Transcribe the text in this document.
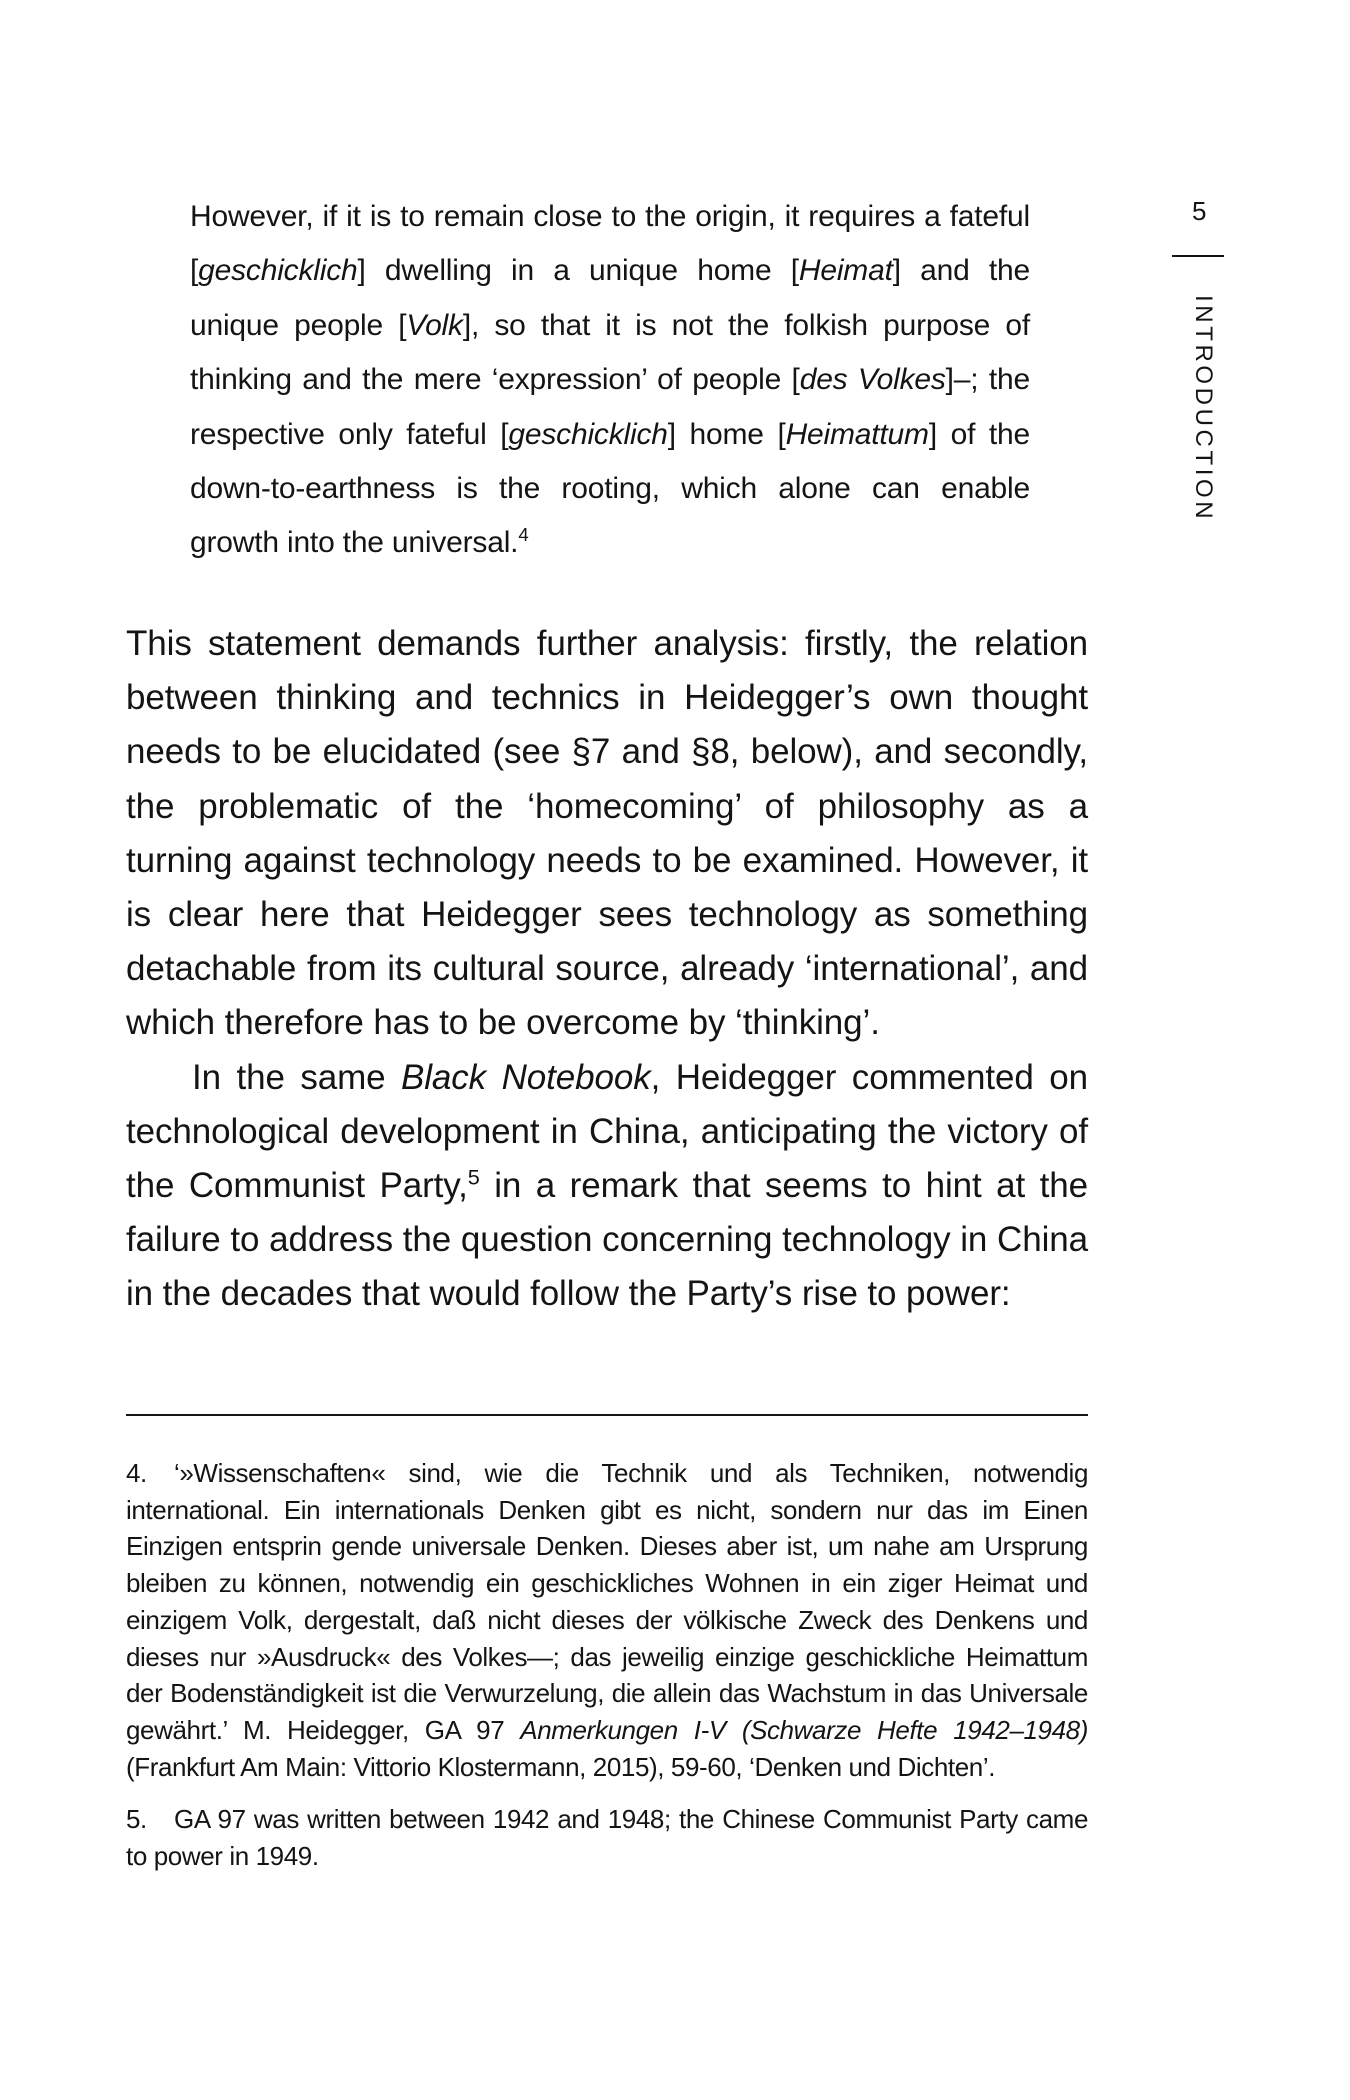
5
INTRODUCTION

However, if it is to remain close to the origin, it requires a fateful [geschicklich] dwelling in a unique home [Heimat] and the unique people [Volk], so that it is not the folkish purpose of thinking and the mere ‘expression’ of people [des Volkes]–; the respective only fateful [geschicklich] home [Heimattum] of the down-to-earthness is the rooting, which alone can enable growth into the universal.$^4$

This statement demands further analysis: firstly, the relation between thinking and technics in Heidegger’s own thought needs to be elucidated (see §7 and §8, below), and secondly, the problematic of the ‘homecoming’ of philosophy as a turning against technology needs to be examined. However, it is clear here that Heidegger sees technology as something detachable from its cultural source, already ‘international’, and which therefore has to be overcome by ‘thinking’.

In the same Black Notebook, Heidegger commented on technological development in China, anticipating the victory of the Communist Party,$^5$ in a remark that seems to hint at the failure to address the question concerning technology in China in the decades that would follow the Party’s rise to power:

4. ‘»Wissenschaften« sind, wie die Technik und als Techniken, notwendig international. Ein internationals Denken gibt es nicht, sondern nur das im Einen Einzigen entsprin gende universale Denken. Dieses aber ist, um nahe am Ursprung bleiben zu können, notwendig ein geschickliches Wohnen in ein ziger Heimat und einzigem Volk, dergestalt, daß nicht dieses der völkische Zweck des Denkens und dieses nur »Ausdruck« des Volkes—; das jeweilig einzige geschickliche Heimattum der Bodenständigkeit ist die Verwurzelung, die allein das Wachstum in das Universale gewährt.’ M. Heidegger, GA 97 Anmerkungen I-V (Schwarze Hefte 1942–1948) (Frankfurt Am Main: Vittorio Klostermann, 2015), 59-60, ‘Denken und Dichten’.

5. GA 97 was written between 1942 and 1948; the Chinese Communist Party came to power in 1949.
